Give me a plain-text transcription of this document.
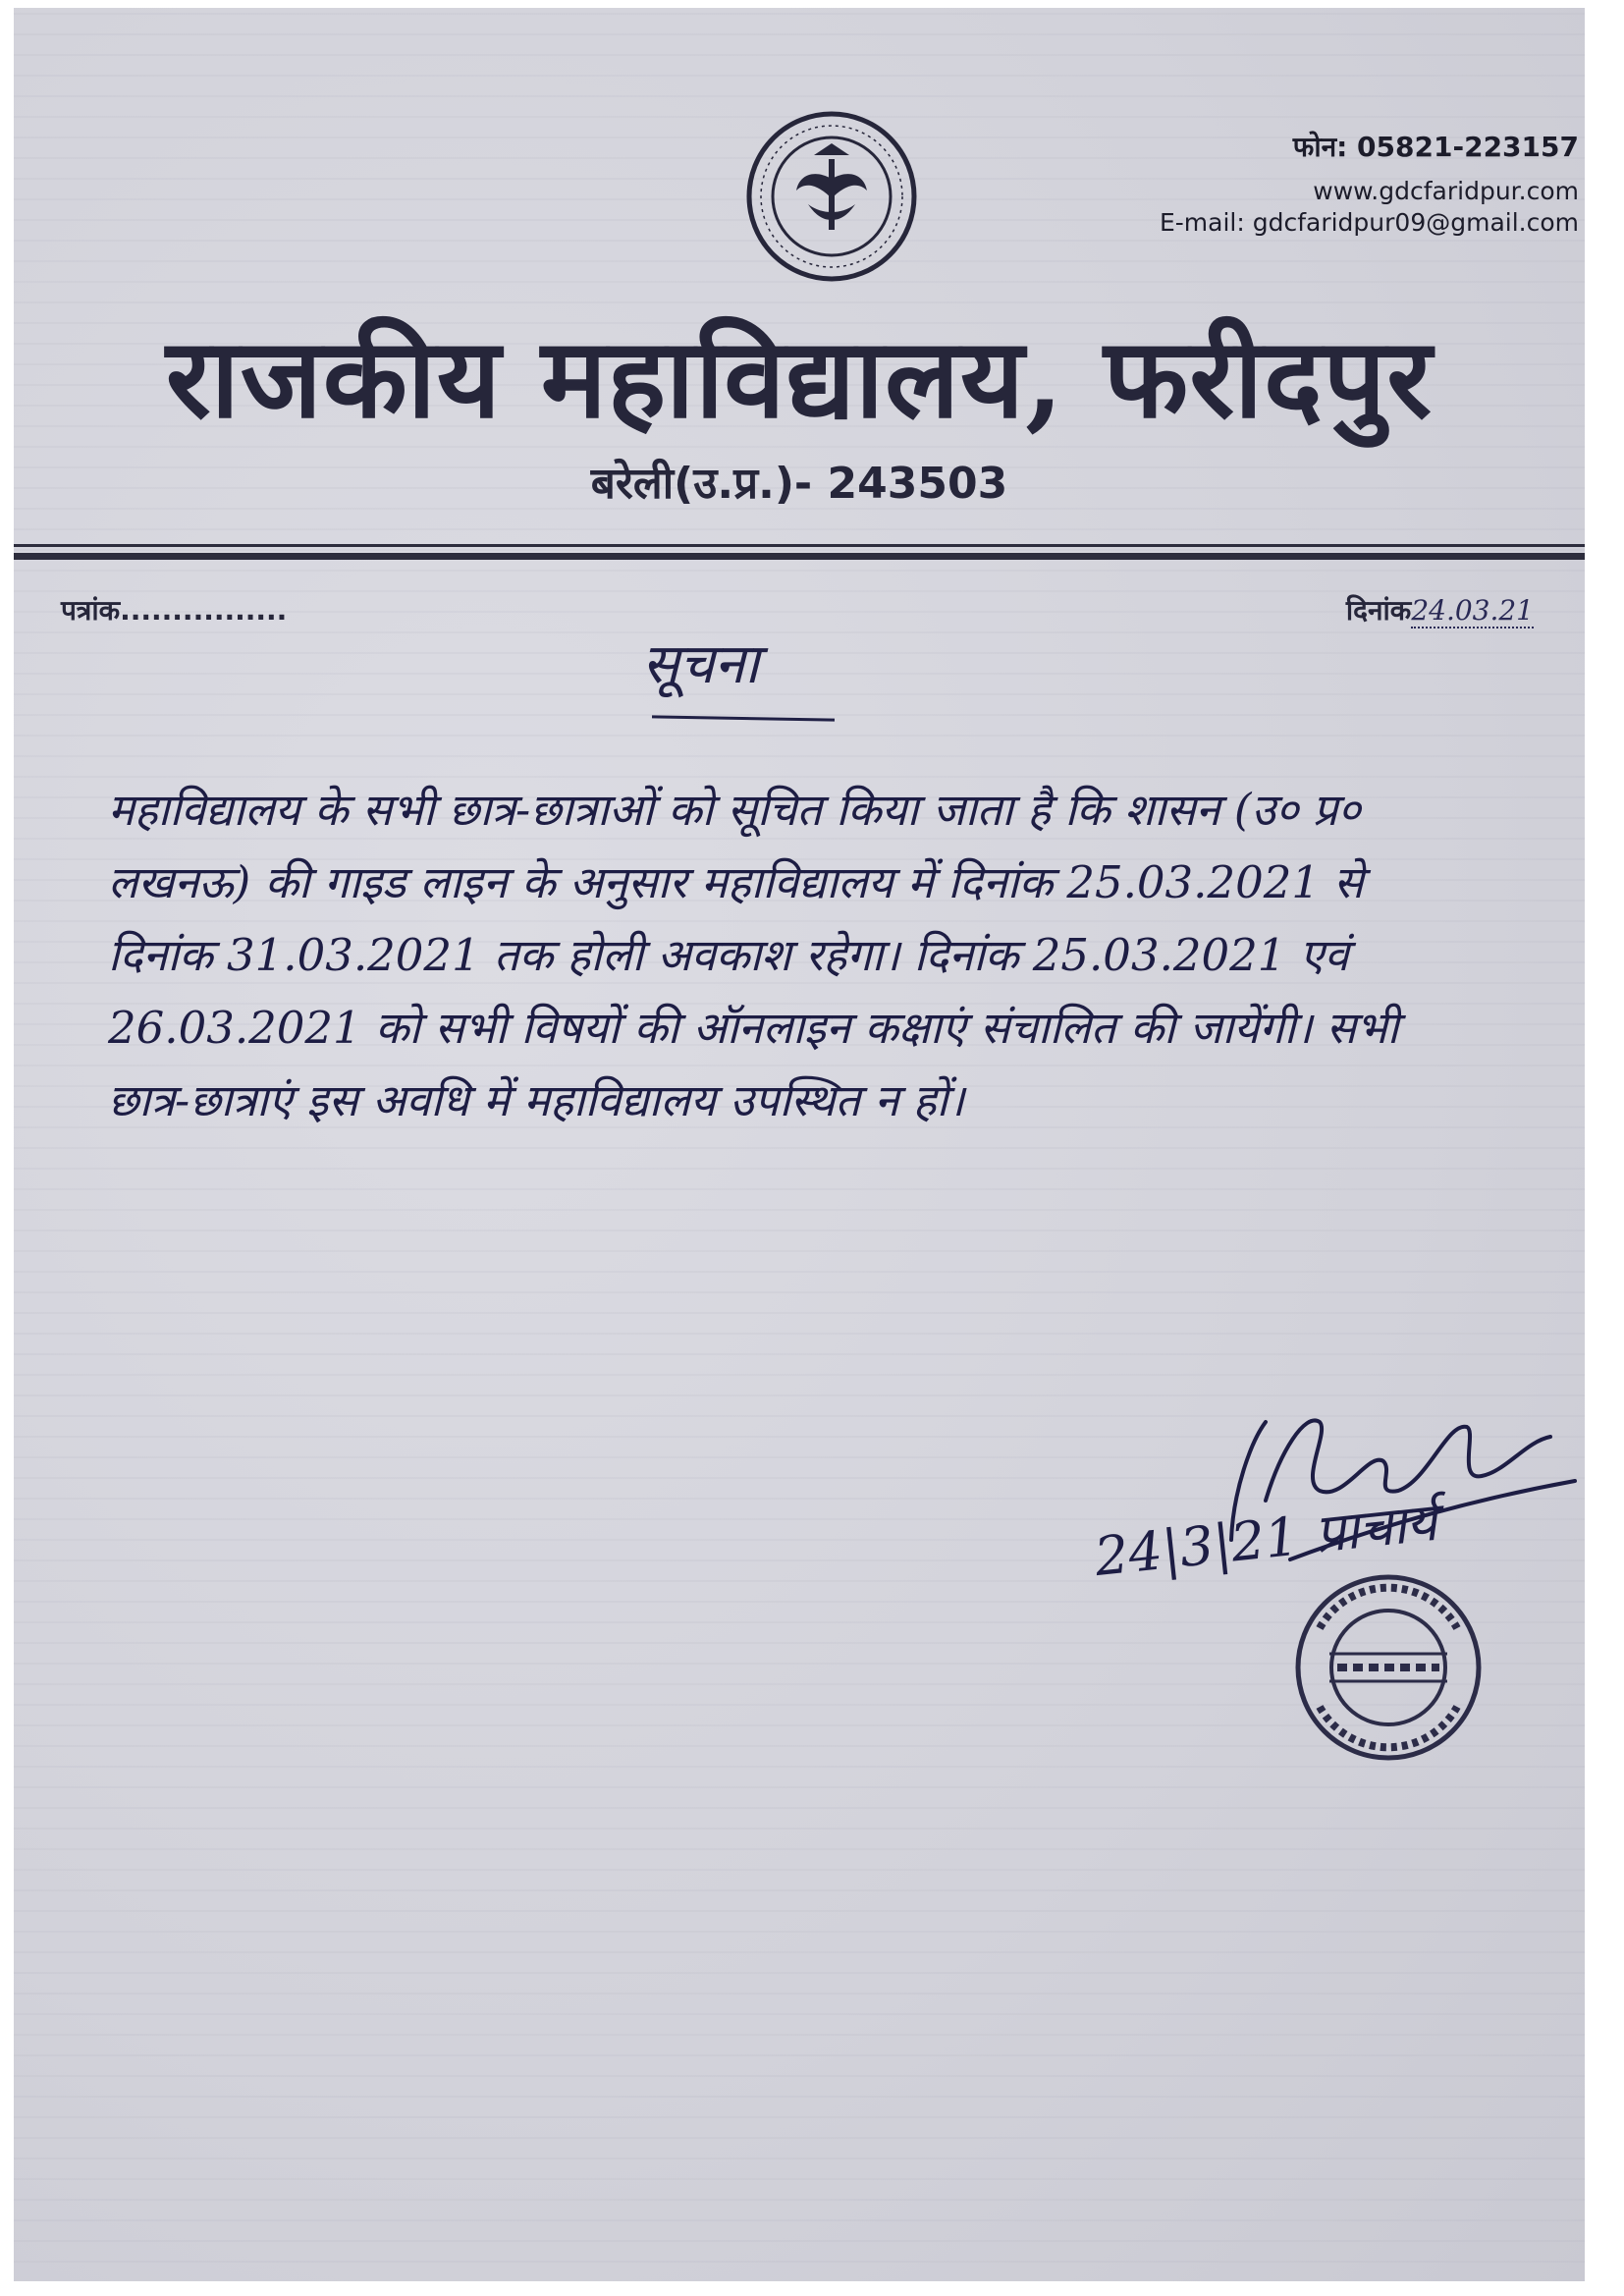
फोन: 05821-223157
www.gdcfaridpur.com
E-mail: gdcfaridpur09@gmail.com
राजकीय महाविद्यालय, फरीदपुर
बरेली(उ.प्र.)- 243503
पत्रांक................	दिनांक24.03.21
सूचना
महाविद्यालय के सभी छात्र-छात्राओं को सूचित किया जाता है कि शासन (उ० प्र० लखनऊ) की गाइड लाइन के अनुसार महाविद्यालय में दिनांक 25.03.2021 से दिनांक 31.03.2021 तक होली अवकाश रहेगा। दिनांक 25.03.2021 एवं 26.03.2021 को सभी विषयों की ऑनलाइन कक्षाएं संचालित की जायेंगी। सभी छात्र-छात्राएं इस अवधि में महाविद्यालय उपस्थित न हों।
24|3|21 प्राचार्य
